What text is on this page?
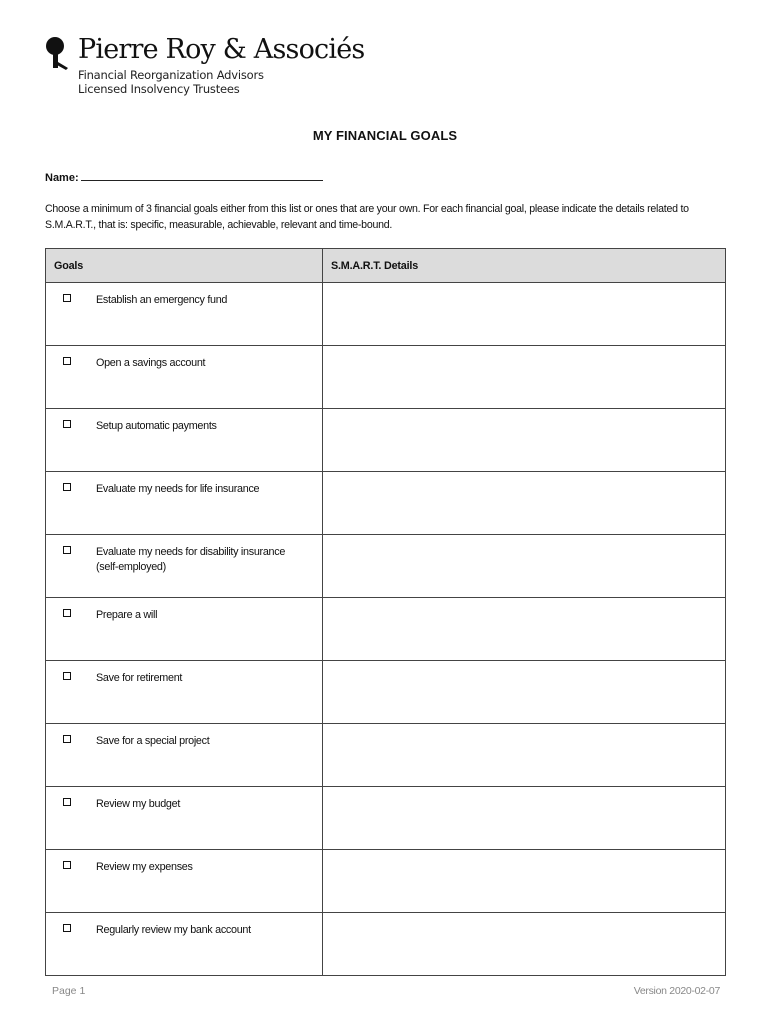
Pierre Roy & Associés
Financial Reorganization Advisors
Licensed Insolvency Trustees
MY FINANCIAL GOALS
Name:
Choose a minimum of 3 financial goals either from this list or ones that are your own. For each financial goal, please indicate the details related to S.M.A.R.T., that is: specific, measurable, achievable, relevant and time-bound.
Goals	S.M.A.R.T. Details

Establish an emergency fund	

Open a savings account	

Setup automatic payments	

Evaluate my needs for life insurance	

Evaluate my needs for disability insurance (self-employed)	

Prepare a will	

Save for retirement	

Save for a special project	

Review my budget	

Review my expenses	

Regularly review my bank account	

Page 1	Version 2020-02-07
